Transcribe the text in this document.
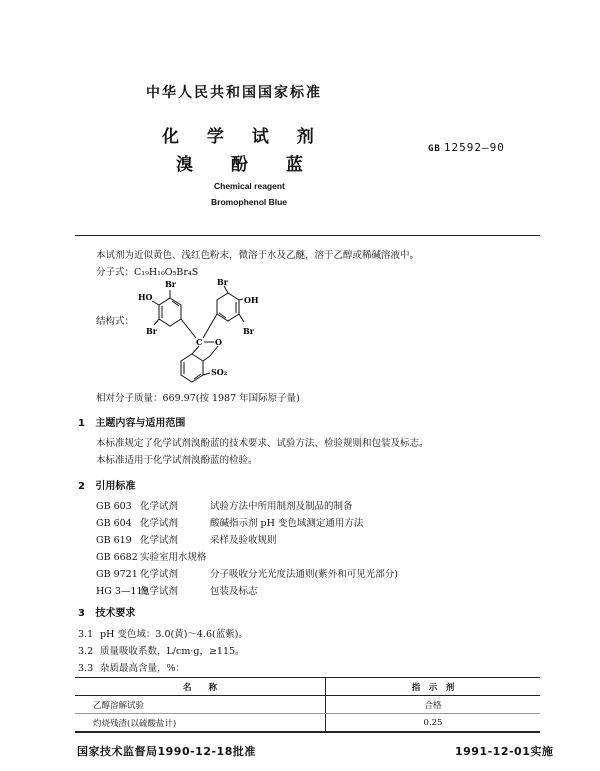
中华人民共和国国家标准
化 学 试 剂
溴 酚 蓝
GB 12592—90
Chemical reagent
Bromophenol Blue
本试剂为近似黄色、浅红色粉末，微溶于水及乙醚，溶于乙醇或稀碱溶液中。
分子式：C₁₉H₁₀O₅Br₄S
结构式：
Br
HO
Br
Br
OH
Br
C O
SO₂
相对分子质量：669.97(按 1987 年国际原子量)
1 主题内容与适用范围
本标准规定了化学试剂溴酚蓝的技术要求、试验方法、检验规则和包装及标志。
本标准适用于化学试剂溴酚蓝的检验。
2 引用标准
GB 603 化学试剂	试验方法中所用制剂及制品的制备
GB 604 化学试剂	酸碱指示剂 pH 变色域测定通用方法
GB 619 化学试剂	采样及验收规则
GB 6682 实验室用水规格
GB 9721 化学试剂	分子吸收分光光度法通则(紫外和可见光部分)
HG 3—119化学试剂	包装及标志
3 技术要求
3.1 pH 变色域：3.0(黄)～4.6(蓝紫)。
3.2 质量吸收系数，L/cm·g，≥115。
3.3 杂质最高含量，%：
名　　称	指　示　剂
乙醇溶解试验	合格
灼烧残渣(以硫酸盐计)	0.25
国家技术监督局1990-12-18批准	1991-12-01实施
